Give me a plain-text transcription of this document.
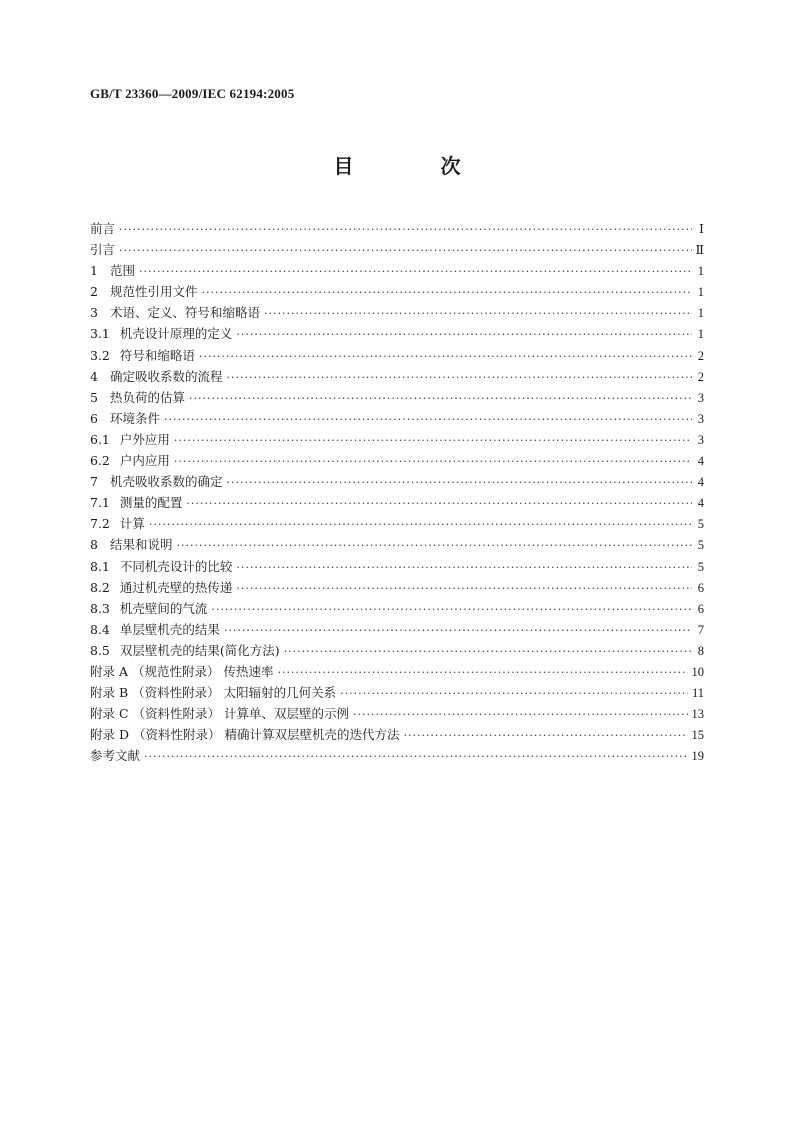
GB/T 23360—2009/IEC 62194:2005
目 次
前言 ·····	Ⅰ
引言 ·····	Ⅱ
1 范围 ·····	1
2 规范性引用文件 ·····	1
3 术语、定义、符号和缩略语 ·····	1
3.1 机壳设计原理的定义 ·····	1
3.2 符号和缩略语 ·····	2
4 确定吸收系数的流程 ·····	2
5 热负荷的估算 ·····	3
6 环境条件 ·····	3
6.1 户外应用 ·····	3
6.2 户内应用 ·····	4
7 机壳吸收系数的确定 ·····	4
7.1 测量的配置 ·····	4
7.2 计算 ·····	5
8 结果和说明 ·····	5
8.1 不同机壳设计的比较 ·····	5
8.2 通过机壳壁的热传递 ·····	6
8.3 机壳壁间的气流 ·····	6
8.4 单层壁机壳的结果 ·····	7
8.5 双层壁机壳的结果(简化方法) ·····	8
附录 A （规范性附录） 传热速率 ·····	10
附录 B （资料性附录） 太阳辐射的几何关系 ·····	11
附录 C （资料性附录） 计算单、双层壁的示例 ·····	13
附录 D （资料性附录） 精确计算双层壁机壳的迭代方法 ·····	15
参考文献 ·····	19
